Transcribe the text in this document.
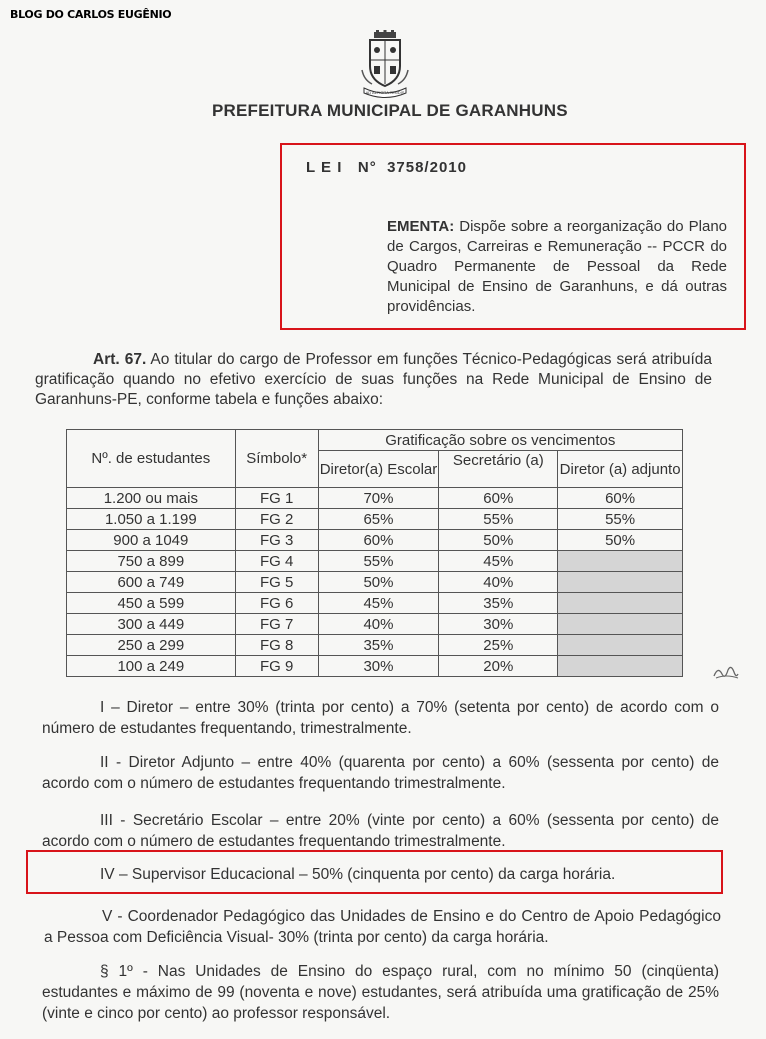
BLOG DO CARLOS EUGÊNIO
AD ALTIORA TENDIS
PREFEITURA MUNICIPAL DE GARANHUNS
L E I   N°  3758/2010
EMENTA: Dispõe sobre a reorganização do Plano de Cargos, Carreiras e Remuneração -- PCCR do Quadro Permanente de Pessoal da Rede Municipal de Ensino de Garanhuns, e dá outras providências.
Art. 67. Ao titular do cargo de Professor em funções Técnico-Pedagógicas será atribuída gratificação quando no efetivo exercício de suas funções na Rede Municipal de Ensino de Garanhuns-PE, conforme tabela e funções abaixo:
Nº. de estudantes	Símbolo*	Gratificação sobre os vencimentos		
		Diretor(a) Escolar	Secretário (a)	Diretor (a) adjunto
1.200 ou mais	FG 1	70%	60%	60%
1.050 a 1.199	FG 2	65%	55%	55%
900 a 1049	FG 3	60%	50%	50%
750 a 899	FG 4	55%	45%	
600 a 749	FG 5	50%	40%	
450 a 599	FG 6	45%	35%	
300 a 449	FG 7	40%	30%	
250 a 299	FG 8	35%	25%	
100 a 249	FG 9	30%	20%	
I – Diretor – entre 30% (trinta por cento) a 70% (setenta por cento) de acordo com o número de estudantes frequentando, trimestralmente.
II - Diretor Adjunto – entre 40% (quarenta por cento) a 60% (sessenta por cento) de acordo com o número de estudantes frequentando trimestralmente.
III - Secretário Escolar – entre 20% (vinte por cento) a 60% (sessenta por cento) de acordo com o número de estudantes frequentando trimestralmente.
IV – Supervisor Educacional – 50% (cinquenta por cento) da carga horária.
V - Coordenador Pedagógico das Unidades de Ensino e do Centro de Apoio Pedagógico a Pessoa com Deficiência Visual- 30% (trinta por cento) da carga horária.
§ 1º - Nas Unidades de Ensino do espaço rural, com no mínimo 50 (cinqüenta) estudantes e máximo de 99 (noventa e nove) estudantes, será atribuída uma gratificação de 25% (vinte e cinco por cento) ao professor responsável.
